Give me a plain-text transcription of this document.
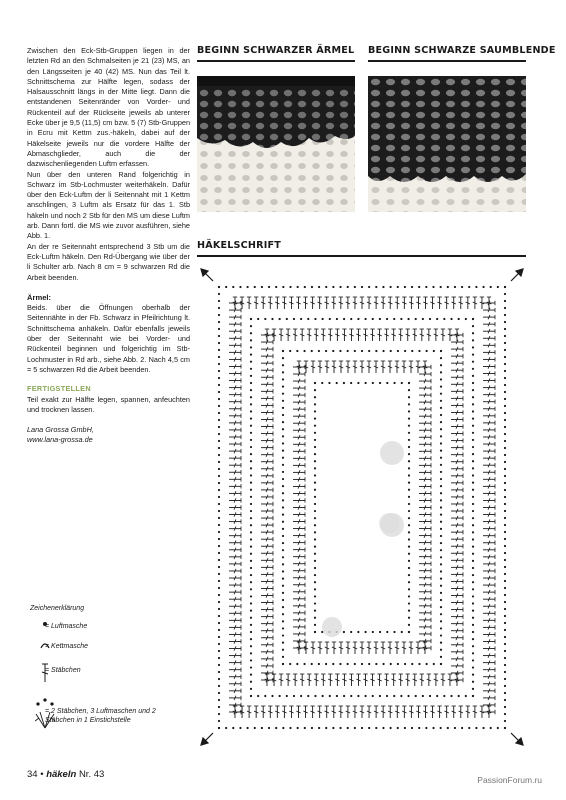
Zwischen den Eck-Stb-Gruppen liegen in der letzten Rd an den Schmalseiten je 21 (23) MS, an den Längsseiten je 40 (42) MS. Nun das Teil lt. Schnittschema zur Hälfte legen, sodass der Halsausschnitt längs in der Mitte liegt. Dann die entstandenen Seitenränder von Vorder- und Rückenteil auf der Rückseite jeweils ab unterer Ecke über je 9,5 (11,5) cm bzw. 5 (7) Stb-Gruppen in Ecru mit Kettm zus.-häkeln, dabei auf der Häkelseite jeweils nur die vordere Hälfte der Abmaschglieder, auch die der dazwischenliegenden Luftm erfassen.

Nun über den unteren Rand folgerichtig in Schwarz im Stb-Lochmuster weiterhäkeln. Dafür über den Eck-Luftm der li Seitennaht mit 1 Kettm anschlingen, 3 Luftm als Ersatz für das 1. Stb häkeln und noch 2 Stb für den MS um diese Luftm arb. Dann fortl. die MS wie zuvor ausführen, siehe Abb. 1.

An der re Seitennaht entsprechend 3 Stb um die Eck-Luftm häkeln. Den Rd-Übergang wie über der li Schulter arb. Nach 8 cm = 9 schwarzen Rd die Arbeit beenden.

Ärmel:

Beids. über die Öffnungen oberhalb der Seitennähte in der Fb. Schwarz in Pfeilrichtung lt. Schnittschema anhäkeln. Dafür ebenfalls jeweils über der Seitennaht wie bei Vorder- und Rückenteil beginnen und folgerichtig im Stb-Lochmuster in Rd arb., siehe Abb. 2. Nach 4,5 cm = 5 schwarzen Rd die Arbeit beenden.

FERTIGSTELLEN

Teil exakt zur Hälfte legen, spannen, anfeuchten und trocknen lassen.

Lana Grossa GmbH,

www.lana-grossa.de

BEGINN SCHWARZER ÄRMEL BEGINN SCHWARZE SAUMBLENDE
HÄKELSCHRIFT
Zeichenerklärung
= Luftmasche
= Kettmasche
= Stäbchen
= 2 Stäbchen, 3 Luftmaschen und 2 Stäbchen in 1 Einstichstelle
34 • häkeln Nr. 43	PassionForum.ru
